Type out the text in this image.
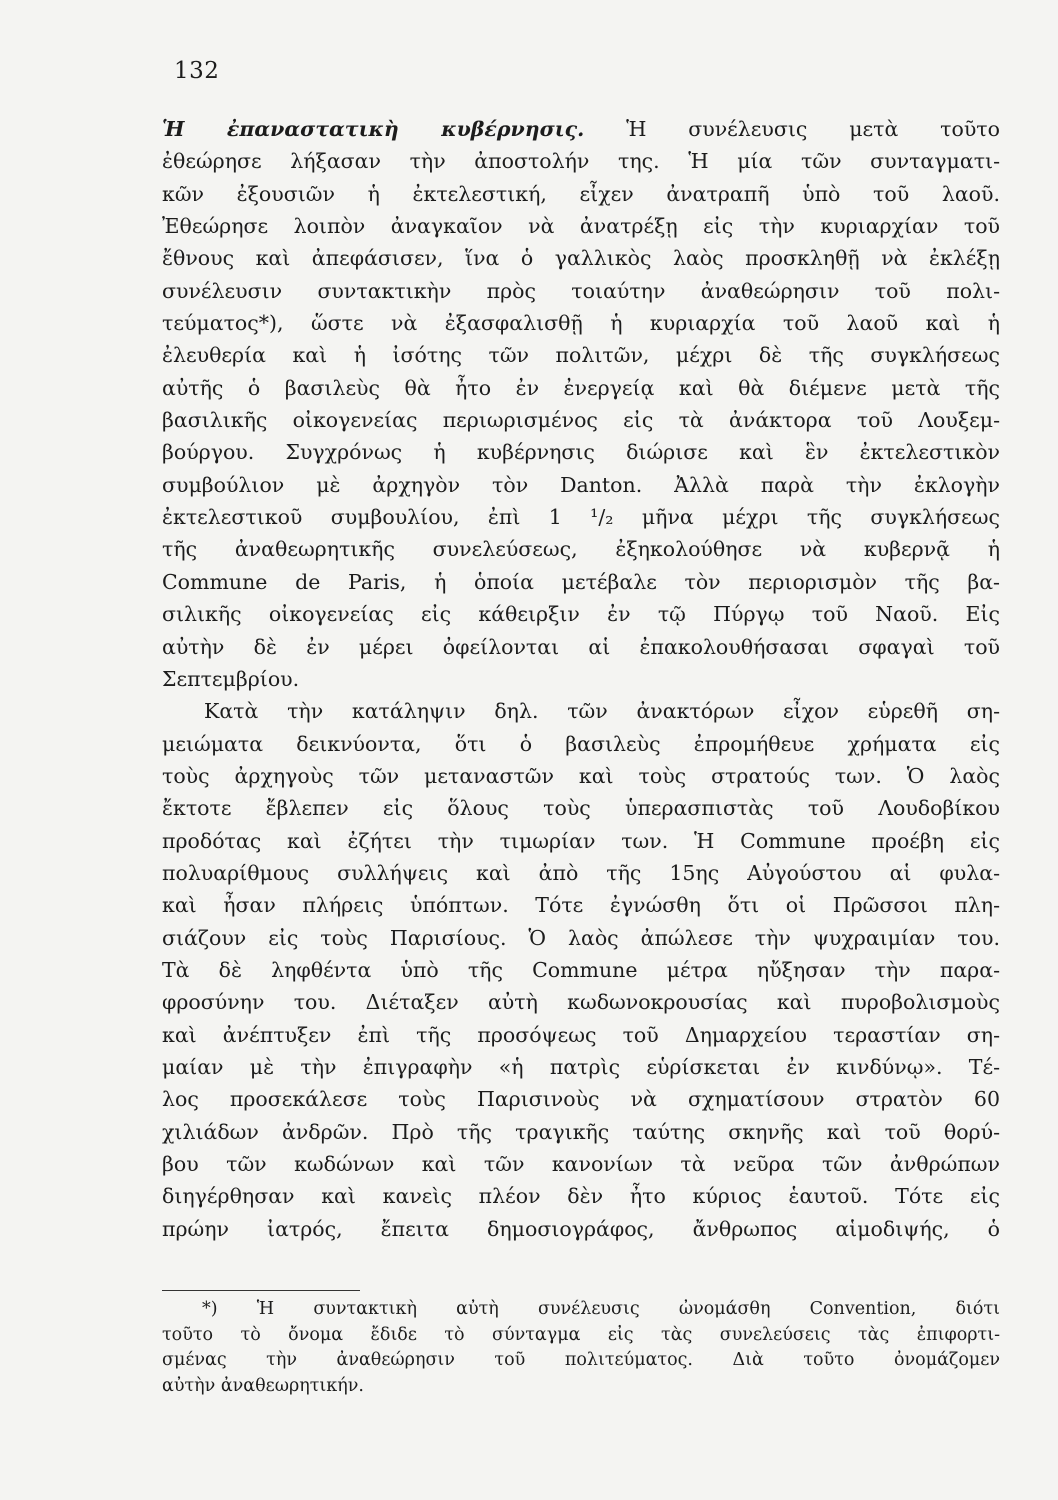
132
Ἡ ἐπαναστατικὴ κυβέρνησις. Ἡ συνέλευσις μετὰ τοῦτο
ἐθεώρησε λήξασαν τὴν ἀποστολήν της. Ἡ μία τῶν συνταγματι-
κῶν ἐξουσιῶν ἡ ἐκτελεστική, εἶχεν ἀνατραπῆ ὑπὸ τοῦ λαοῦ.
Ἐθεώρησε λοιπὸν ἀναγκαῖον νὰ ἀνατρέξῃ εἰς τὴν κυριαρχίαν τοῦ
ἔθνους καὶ ἀπεφάσισεν, ἵνα ὁ γαλλικὸς λαὸς προσκληθῇ νὰ ἐκλέξῃ
συνέλευσιν συντακτικὴν πρὸς τοιαύτην ἀναθεώρησιν τοῦ πολι-
τεύματος*), ὥστε νὰ ἐξασφαλισθῇ ἡ κυριαρχία τοῦ λαοῦ καὶ ἡ
ἐλευθερία καὶ ἡ ἰσότης τῶν πολιτῶν, μέχρι δὲ τῆς συγκλήσεως
αὐτῆς ὁ βασιλεὺς θὰ ἦτο ἐν ἐνεργείᾳ καὶ θὰ διέμενε μετὰ τῆς
βασιλικῆς οἰκογενείας περιωρισμένος εἰς τὰ ἀνάκτορα τοῦ Λουξεμ-
βούργου. Συγχρόνως ἡ κυβέρνησις διώρισε καὶ ἓν ἐκτελεστικὸν
συμβούλιον μὲ ἀρχηγὸν τὸν Danton. Ἀλλὰ παρὰ τὴν ἐκλογὴν
ἐκτελεστικοῦ συμβουλίου, ἐπὶ 1 ¹/₂ μῆνα μέχρι τῆς συγκλήσεως
τῆς ἀναθεωρητικῆς συνελεύσεως, ἐξηκολούθησε νὰ κυβερνᾷ ἡ
Commune de Paris, ἡ ὁποία μετέβαλε τὸν περιορισμὸν τῆς βα-
σιλικῆς οἰκογενείας εἰς κάθειρξιν ἐν τῷ Πύργῳ τοῦ Ναοῦ. Εἰς
αὐτὴν δὲ ἐν μέρει ὀφείλονται αἱ ἐπακολουθήσασαι σφαγαὶ τοῦ
Σεπτεμβρίου.
Κατὰ τὴν κατάληψιν δηλ. τῶν ἀνακτόρων εἶχον εὑρεθῆ ση-
μειώματα δεικνύοντα, ὅτι ὁ βασιλεὺς ἐπρομήθευε χρήματα εἰς
τοὺς ἀρχηγοὺς τῶν μεταναστῶν καὶ τοὺς στρατούς των. Ὁ λαὸς
ἔκτοτε ἔβλεπεν εἰς ὅλους τοὺς ὑπερασπιστὰς τοῦ Λουδοβίκου
προδότας καὶ ἐζήτει τὴν τιμωρίαν των. Ἡ Commune προέβη εἰς
πολυαρίθμους συλλήψεις καὶ ἀπὸ τῆς 15ης Αὐγούστου αἱ φυλα-
καὶ ἦσαν πλήρεις ὑπόπτων. Τότε ἐγνώσθη ὅτι οἱ Πρῶσσοι πλη-
σιάζουν εἰς τοὺς Παρισίους. Ὁ λαὸς ἀπώλεσε τὴν ψυχραιμίαν του.
Τὰ δὲ ληφθέντα ὑπὸ τῆς Commune μέτρα ηὔξησαν τὴν παρα-
φροσύνην του. Διέταξεν αὐτὴ κωδωνοκρουσίας καὶ πυροβολισμοὺς
καὶ ἀνέπτυξεν ἐπὶ τῆς προσόψεως τοῦ Δημαρχείου τεραστίαν ση-
μαίαν μὲ τὴν ἐπιγραφὴν «ἡ πατρὶς εὑρίσκεται ἐν κινδύνῳ». Τέ-
λος προσεκάλεσε τοὺς Παρισινοὺς νὰ σχηματίσουν στρατὸν 60
χιλιάδων ἀνδρῶν. Πρὸ τῆς τραγικῆς ταύτης σκηνῆς καὶ τοῦ θορύ-
βου τῶν κωδώνων καὶ τῶν κανονίων τὰ νεῦρα τῶν ἀνθρώπων
διηγέρθησαν καὶ κανεὶς πλέον δὲν ἦτο κύριος ἑαυτοῦ. Τότε εἰς
πρώην ἰατρός, ἔπειτα δημοσιογράφος, ἄνθρωπος αἱμοδιψής, ὁ
*) Ἡ συντακτικὴ αὐτὴ συνέλευσις ὠνομάσθη Convention, διότι
τοῦτο τὸ ὄνομα ἔδιδε τὸ σύνταγμα εἰς τὰς συνελεύσεις τὰς ἐπιφορτι-
σμένας τὴν ἀναθεώρησιν τοῦ πολιτεύματος. Διὰ τοῦτο ὀνομάζομεν
αὐτὴν ἀναθεωρητικήν.
